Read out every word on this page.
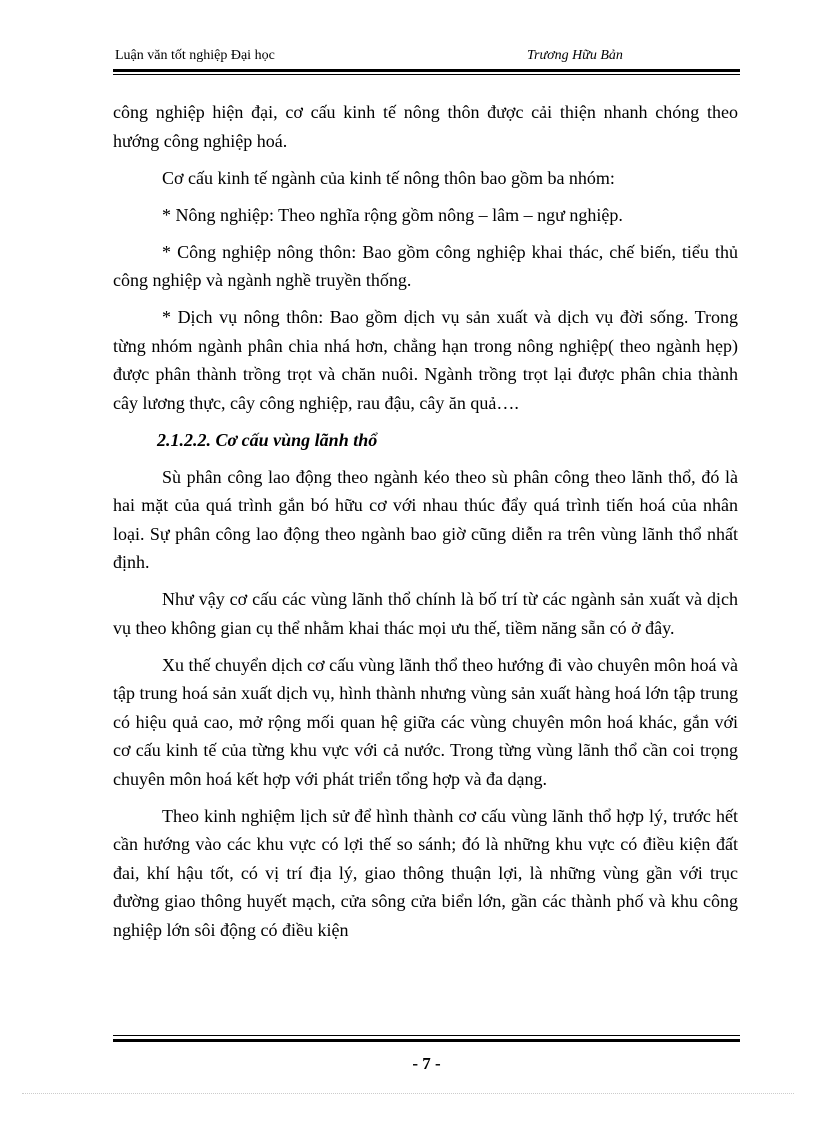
Luận văn tốt nghiệp Đại học	Trương Hữu Bản

công nghiệp hiện đại, cơ cấu kinh tế nông thôn được cải thiện nhanh chóng theo hướng công nghiệp hoá.

Cơ cấu kinh tế ngành của kinh tế nông thôn bao gồm ba nhóm:

* Nông nghiệp: Theo nghĩa rộng gồm nông – lâm – ngư nghiệp.

* Công nghiệp nông thôn: Bao gồm công nghiệp khai thác, chế biến, tiểu thủ công nghiệp và ngành nghề truyền thống.

* Dịch vụ nông thôn: Bao gồm dịch vụ sản xuất và dịch vụ đời sống. Trong từng nhóm ngành phân chia nhá hơn, chẳng hạn trong nông nghiệp( theo ngành hẹp) được phân thành trồng trọt và chăn nuôi. Ngành trồng trọt lại được phân chia thành cây lương thực, cây công nghiệp, rau đậu, cây ăn quả….

2.1.2.2. Cơ cấu vùng lãnh thổ

Sù phân công lao động theo ngành kéo theo sù phân công theo lãnh thổ, đó là hai mặt của quá trình gắn bó hữu cơ với nhau thúc đẩy quá trình tiến hoá của nhân loại. Sự phân công lao động theo ngành bao giờ cũng diễn ra trên vùng lãnh thổ nhất định.

Như vậy cơ cấu các vùng lãnh thổ chính là bố trí từ các ngành sản xuất và dịch vụ theo không gian cụ thể nhằm khai thác mọi ưu thế, tiềm năng sẵn có ở đây.

Xu thế chuyển dịch cơ cấu vùng lãnh thổ theo hướng đi vào chuyên môn hoá và tập trung hoá sản xuất dịch vụ, hình thành nhưng vùng sản xuất hàng hoá lớn tập trung có hiệu quả cao, mở rộng mối quan hệ giữa các vùng chuyên môn hoá khác, gắn với cơ cấu kinh tế của từng khu vực với cả nước. Trong từng vùng lãnh thổ cần coi trọng chuyên môn hoá kết hợp với phát triển tổng hợp và đa dạng.

Theo kinh nghiệm lịch sử để hình thành cơ cấu vùng lãnh thổ hợp lý, trước hết cần hướng vào các khu vực có lợi thế so sánh; đó là những khu vực có điều kiện đất đai, khí hậu tốt, có vị trí địa lý, giao thông thuận lợi, là những vùng gần với trục đường giao thông huyết mạch, cửa sông cửa biển lớn, gần các thành phố và khu công nghiệp lớn sôi động có điều kiện

- 7 -
